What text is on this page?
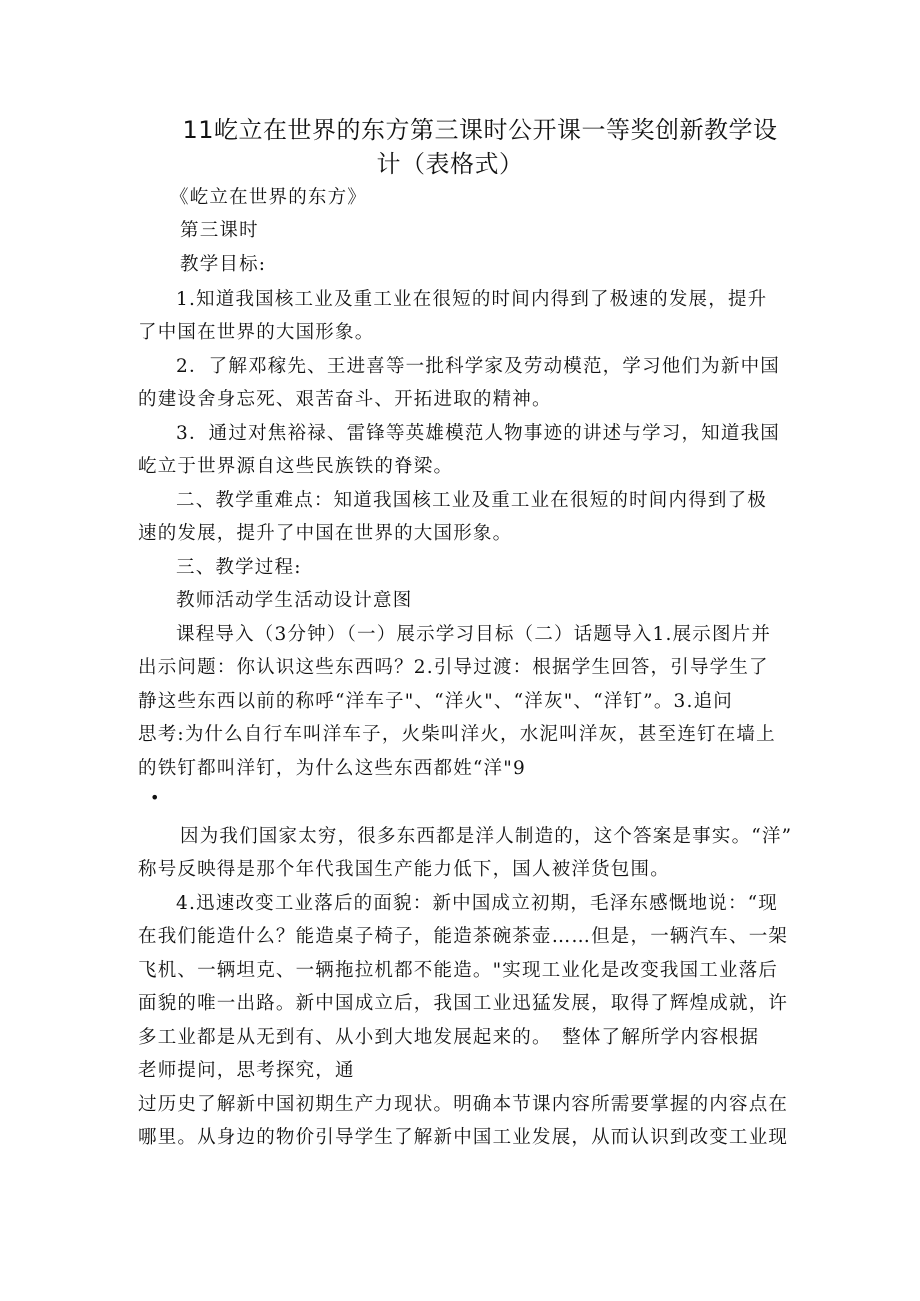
11屹立在世界的东方第三课时公开课一等奖创新教学设
计（表格式）
《屹立在世界的东方》
第三课时
教学目标:
1.知道我国核工业及重工业在很短的时间内得到了极速的发展，提升
了中国在世界的大国形象。
2．了解邓稼先、王进喜等一批科学家及劳动模范，学习他们为新中国
的建设舍身忘死、艰苦奋斗、开拓进取的精神。
3．通过对焦裕禄、雷锋等英雄模范人物事迹的讲述与学习，知道我国
屹立于世界源自这些民族铁的脊梁。
二、教学重难点：知道我国核工业及重工业在很短的时间内得到了极
速的发展，提升了中国在世界的大国形象。
三、教学过程:
教师活动学生活动设计意图
课程导入（3分钟）（一）展示学习目标（二）话题导入1.展示图片并
出示问题：你认识这些东西吗？2.引导过渡：根据学生回答，引导学生了
静这些东西以前的称呼“洋车子"、“洋火"、“洋灰"、“洋钉”。3.追问
思考:为什么自行车叫洋车子，火柴叫洋火，水泥叫洋灰，甚至连钉在墙上
的铁钉都叫洋钉，为什么这些东西都姓“洋"9
•
因为我们国家太穷，很多东西都是洋人制造的，这个答案是事实。“洋”
称号反映得是那个年代我国生产能力低下，国人被洋货包围。
4.迅速改变工业落后的面貌：新中国成立初期，毛泽东感慨地说：“现
在我们能造什么？能造桌子椅子，能造茶碗茶壶……但是，一辆汽车、一架
飞机、一辆坦克、一辆拖拉机都不能造。"实现工业化是改变我国工业落后
面貌的唯一出路。新中国成立后，我国工业迅猛发展，取得了辉煌成就，许
多工业都是从无到有、从小到大地发展起来的。　整体了解所学内容根据
老师提问，思考探究，通
过历史了解新中国初期生产力现状。明确本节课内容所需要掌握的内容点在
哪里。从身边的物价引导学生了解新中国工业发展，从而认识到改变工业现
